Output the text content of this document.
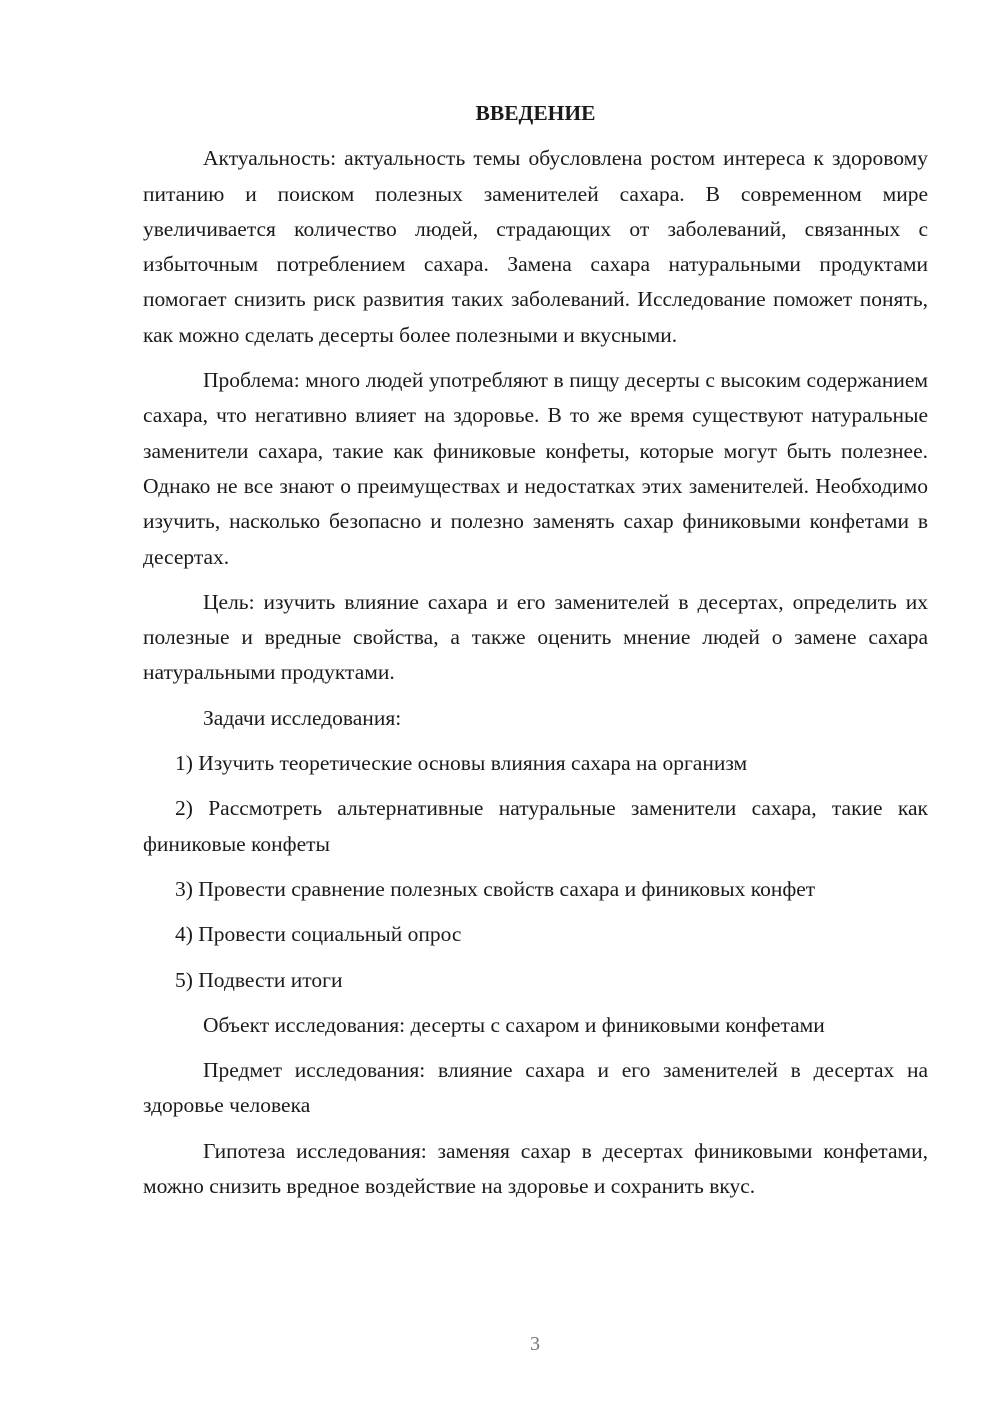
ВВЕДЕНИЕ

Актуальность: актуальность темы обусловлена ростом интереса к здоровому питанию и поиском полезных заменителей сахара. В современном мире увеличивается количество людей, страдающих от заболеваний, связанных с избыточным потреблением сахара. Замена сахара натуральными продуктами помогает снизить риск развития таких заболеваний. Исследование поможет понять, как можно сделать десерты более полезными и вкусными.

Проблема: много людей употребляют в пищу десерты с высоким содержанием сахара, что негативно влияет на здоровье. В то же время существуют натуральные заменители сахара, такие как финиковые конфеты, которые могут быть полезнее. Однако не все знают о преимуществах и недостатках этих заменителей. Необходимо изучить, насколько безопасно и полезно заменять сахар финиковыми конфетами в десертах.

Цель: изучить влияние сахара и его заменителей в десертах, определить их полезные и вредные свойства, а также оценить мнение людей о замене сахара натуральными продуктами.

Задачи исследования:

1) Изучить теоретические основы влияния сахара на организм

2) Рассмотреть альтернативные натуральные заменители сахара, такие как финиковые конфеты

3) Провести сравнение полезных свойств сахара и финиковых конфет

4) Провести социальный опрос

5) Подвести итоги

Объект исследования: десерты с сахаром и финиковыми конфетами

Предмет исследования: влияние сахара и его заменителей в десертах на здоровье человека

Гипотеза исследования: заменяя сахар в десертах финиковыми конфетами, можно снизить вредное воздействие на здоровье и сохранить вкус.

3
